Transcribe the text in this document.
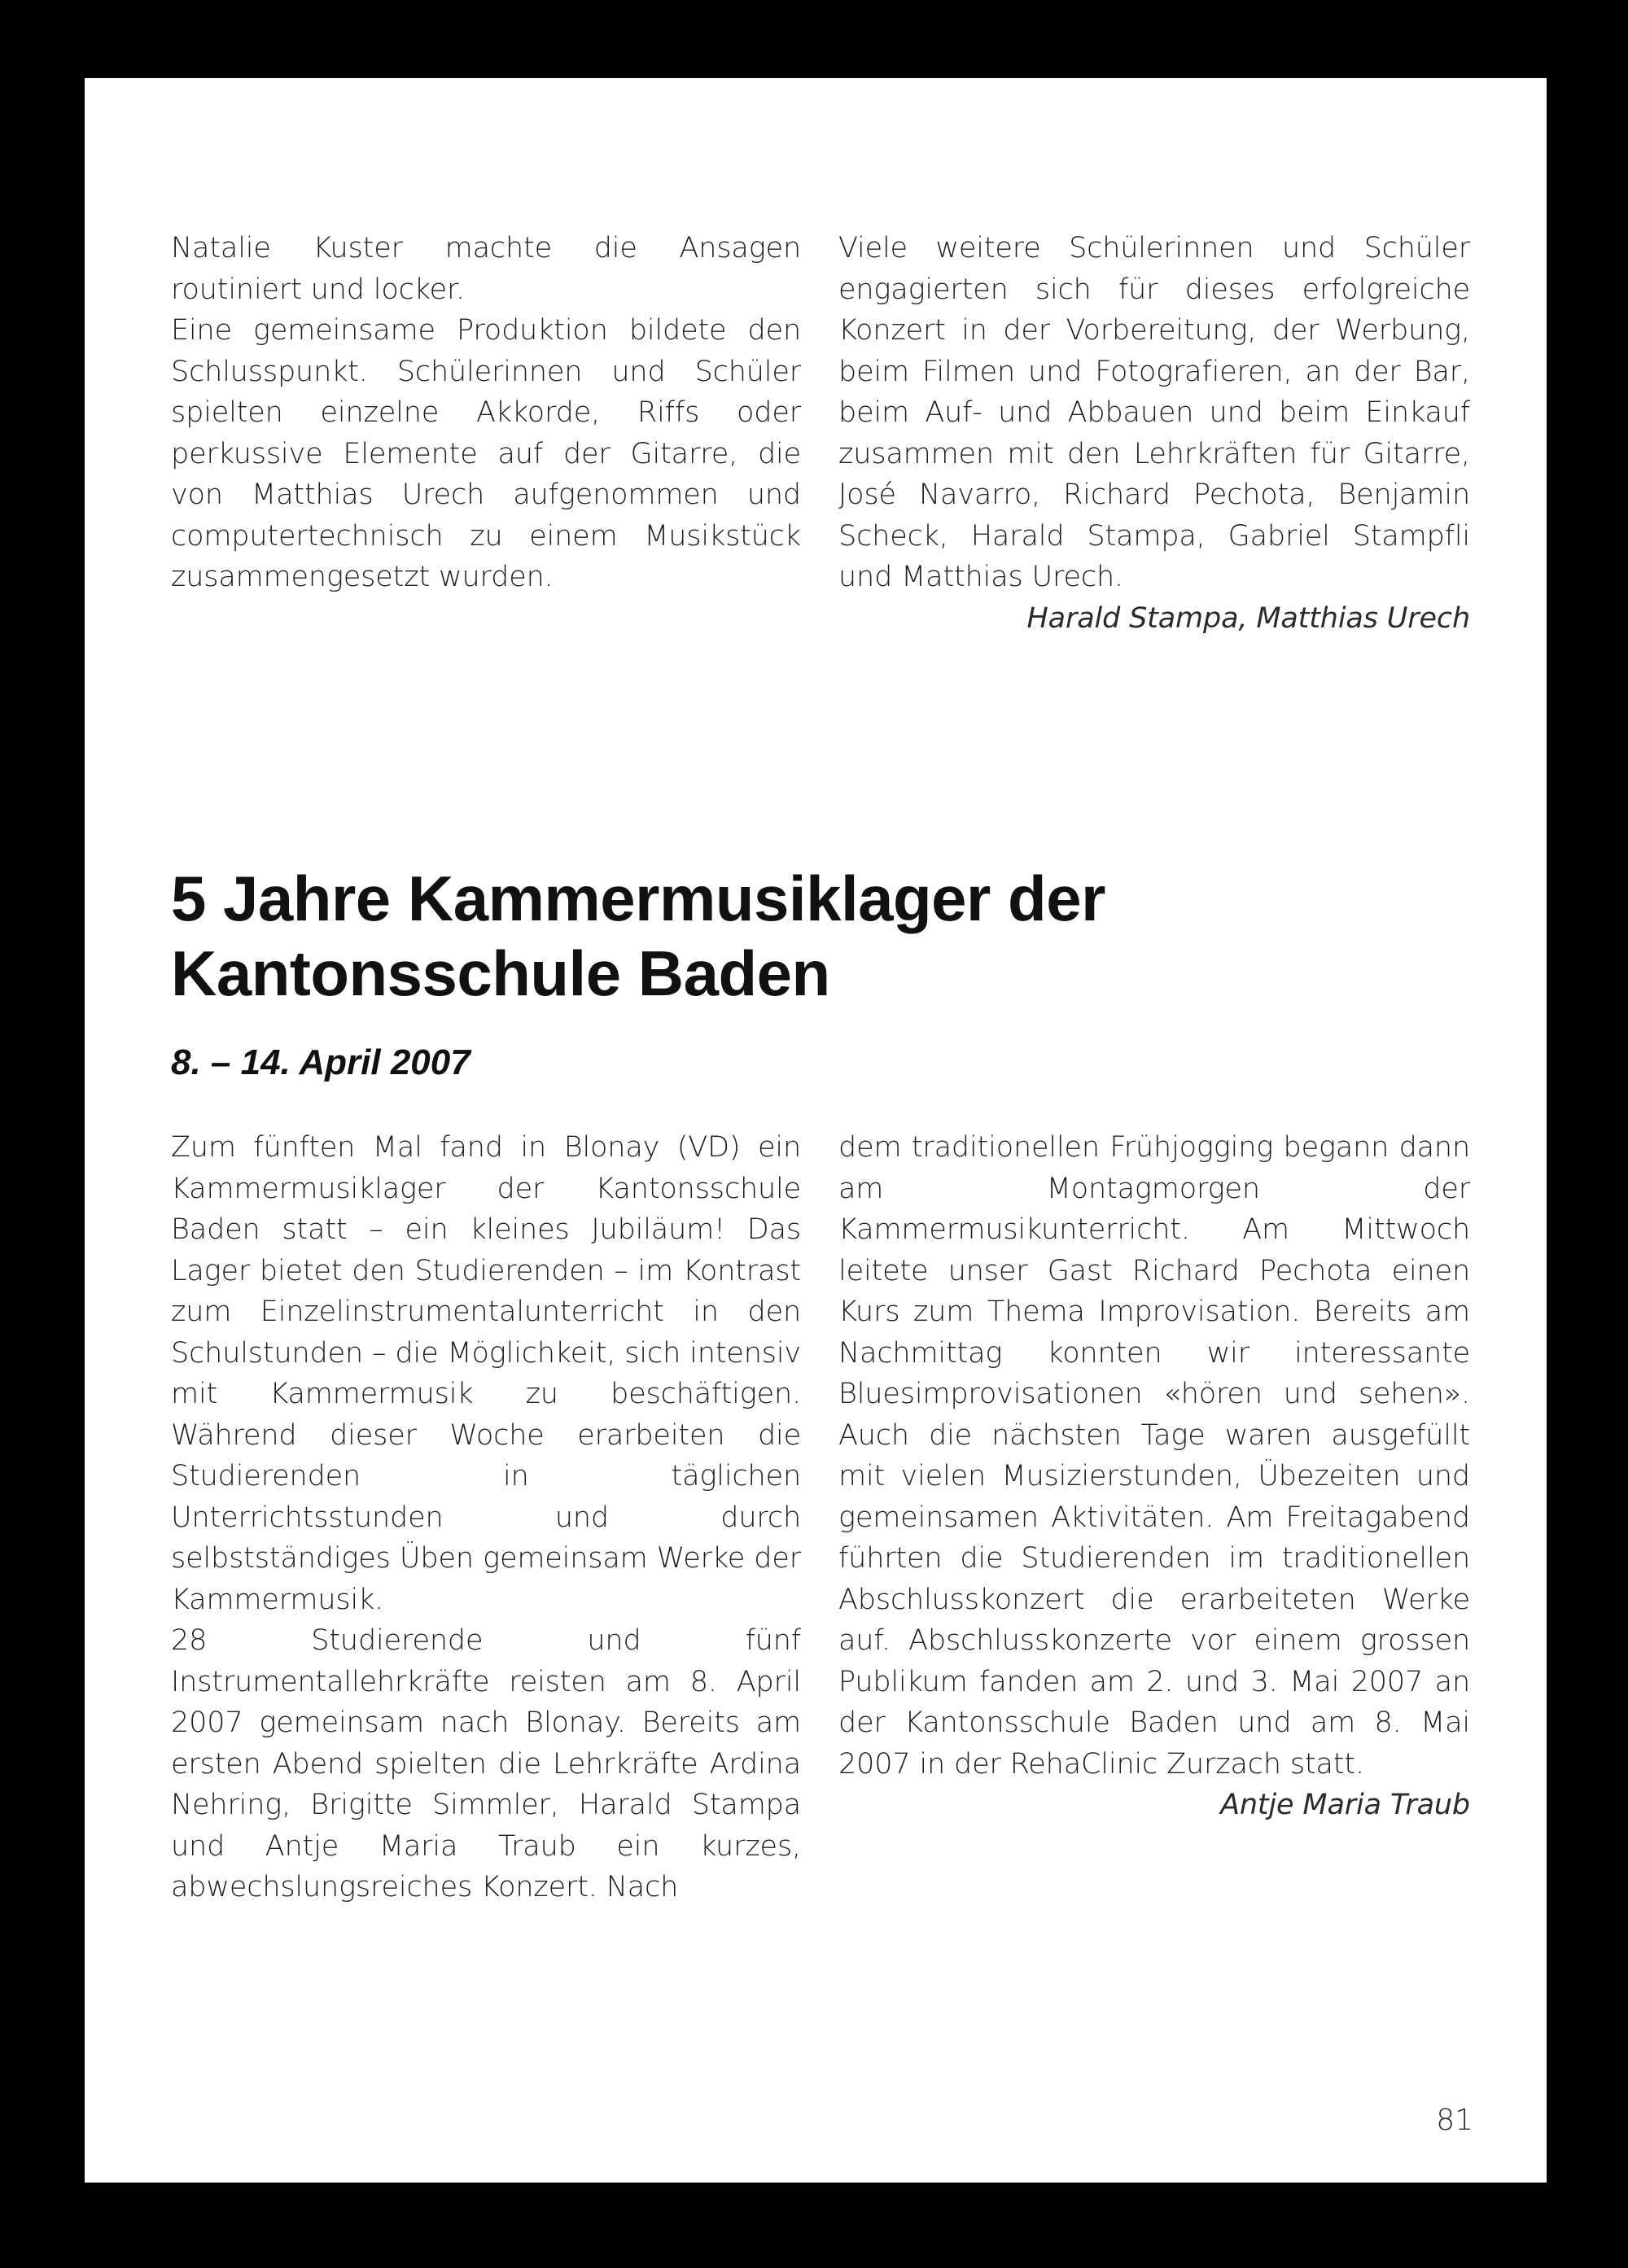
Natalie Kuster machte die Ansagen routiniert und locker.

Eine gemeinsame Produktion bildete den Schlusspunkt. Schülerinnen und Schüler spielten einzelne Akkorde, Riffs oder perkussive Elemente auf der Gitarre, die von Matthias Urech aufgenommen und computertechnisch zu einem Musikstück zusammengesetzt wurden.

Viele weitere Schülerinnen und Schüler engagierten sich für dieses erfolgreiche Konzert in der Vorbereitung, der Werbung, beim Filmen und Fotografieren, an der Bar, beim Auf- und Abbauen und beim Einkauf zusammen mit den Lehrkräften für Gitarre, José Navarro, Richard Pechota, Benjamin Scheck, Harald Stampa, Gabriel Stampfli und Matthias Urech.

Harald Stampa, Matthias Urech

5 Jahre Kammermusiklager der
Kantonsschule Baden

8. – 14. April 2007

Zum fünften Mal fand in Blonay (VD) ein Kammermusiklager der Kantonsschule Baden statt – ein kleines Jubiläum! Das Lager bietet den Studierenden – im Kontrast zum Einzelinstrumentalunterricht in den Schulstunden – die Möglichkeit, sich intensiv mit Kammermusik zu beschäftigen. Während dieser Woche erarbeiten die Studierenden in täglichen Unterrichtsstunden und durch selbstständiges Üben gemeinsam Werke der Kammermusik.

28 Studierende und fünf Instrumentallehrkräfte reisten am 8. April 2007 gemeinsam nach Blonay. Bereits am ersten Abend spielten die Lehrkräfte Ardina Nehring, Brigitte Simmler, Harald Stampa und Antje Maria Traub ein kurzes, abwechslungsreiches Konzert. Nach

dem traditionellen Frühjogging begann dann am Montagmorgen der Kammermusikunterricht. Am Mittwoch leitete unser Gast Richard Pechota einen Kurs zum Thema Improvisation. Bereits am Nachmittag konnten wir interessante Bluesimprovisationen «hören und sehen». Auch die nächsten Tage waren ausgefüllt mit vielen Musizierstunden, Übezeiten und gemeinsamen Aktivitäten. Am Freitagabend führten die Studierenden im traditionellen Abschlusskonzert die erarbeiteten Werke auf. Abschlusskonzerte vor einem grossen Publikum fanden am 2. und 3. Mai 2007 an der Kantonsschule Baden und am 8. Mai 2007 in der RehaClinic Zurzach statt.

Antje Maria Traub

81
